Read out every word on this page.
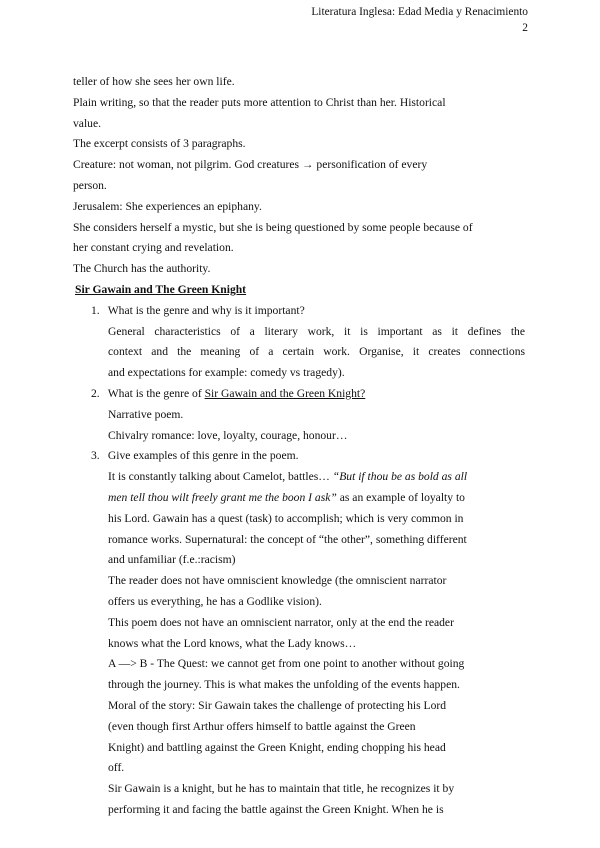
Literatura Inglesa: Edad Media y Renacimiento
2
teller of how she sees her own life.
Plain writing, so that the reader puts more attention to Christ than her. Historical
value.
The excerpt consists of 3 paragraphs.
Creature: not woman, not pilgrim. God creatures → personification of every
person.
Jerusalem: She experiences an epiphany.
She considers herself a mystic, but she is being questioned by some people because of
her constant crying and revelation.
The Church has the authority.
Sir Gawain and The Green Knight
1. What is the genre and why is it important?
General characteristics of a literary work, it is important as it defines the
context and the meaning of a certain work. Organise, it creates connections
and expectations for example: comedy vs tragedy).
2. What is the genre of Sir Gawain and the Green Knight?
Narrative poem.
Chivalry romance: love, loyalty, courage, honour…
3. Give examples of this genre in the poem.
It is constantly talking about Camelot, battles… “But if thou be as bold as all
men tell thou wilt freely grant me the boon I ask” as an example of loyalty to
his Lord. Gawain has a quest (task) to accomplish; which is very common in
romance works. Supernatural: the concept of “the other”, something different
and unfamiliar (f.e.:racism)
The reader does not have omniscient knowledge (the omniscient narrator
offers us everything, he has a Godlike vision).
This poem does not have an omniscient narrator, only at the end the reader
knows what the Lord knows, what the Lady knows…
A —> B - The Quest: we cannot get from one point to another without going
through the journey. This is what makes the unfolding of the events happen.
Moral of the story: Sir Gawain takes the challenge of protecting his Lord
(even though first Arthur offers himself to battle against the Green
Knight) and battling against the Green Knight, ending chopping his head
off.
Sir Gawain is a knight, but he has to maintain that title, he recognizes it by
performing it and facing the battle against the Green Knight. When he is
